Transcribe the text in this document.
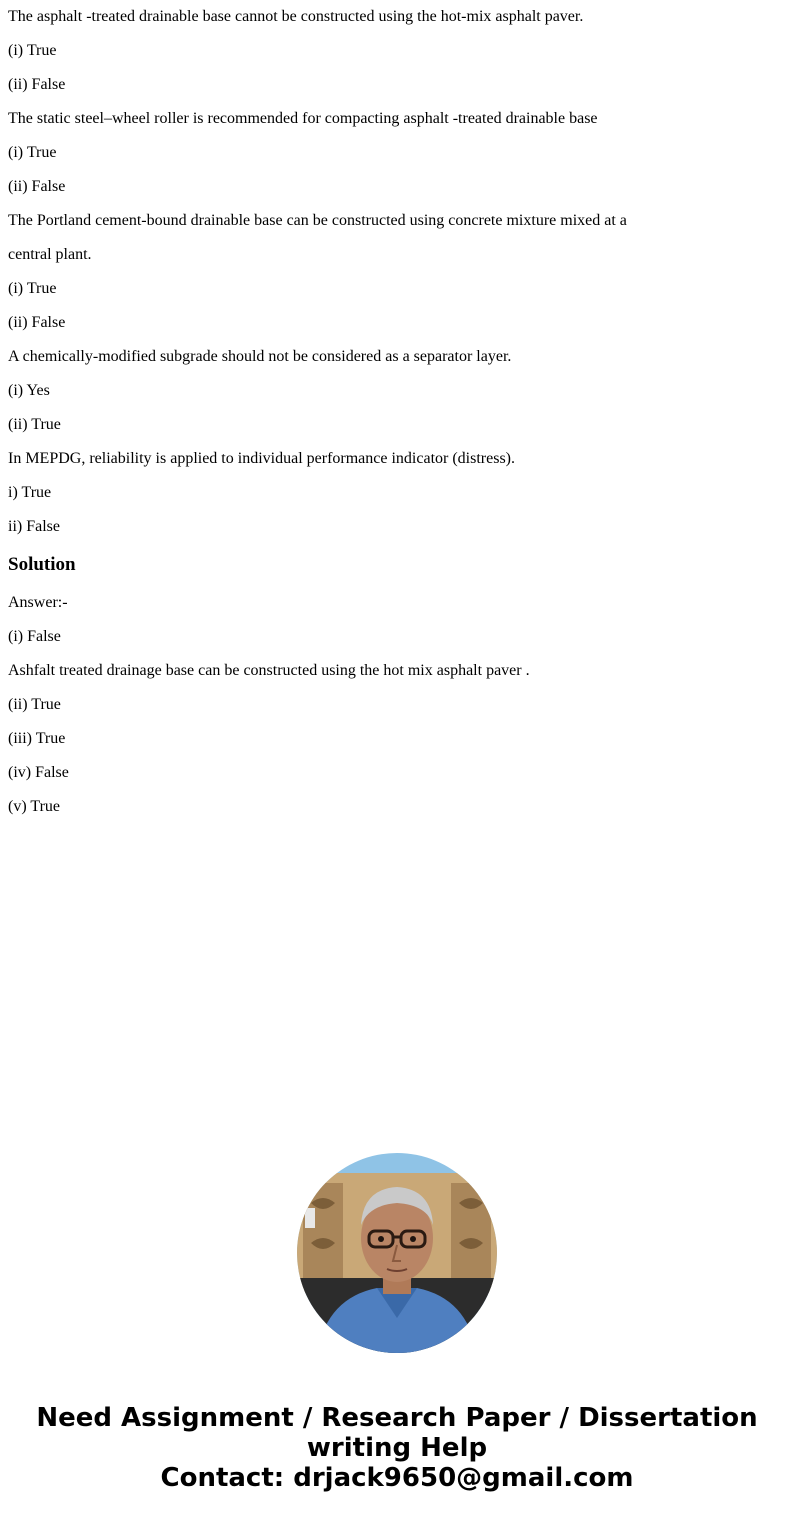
The asphalt -treated drainable base cannot be constructed using the hot-mix asphalt paver.

(i) True

(ii) False

The static steel–wheel roller is recommended for compacting asphalt -treated drainable base

(i) True

(ii) False

The Portland cement-bound drainable base can be constructed using concrete mixture mixed at a

central plant.

(i) True

(ii) False

A chemically-modified subgrade should not be considered as a separator layer.

(i) Yes

(ii) True

In MEPDG, reliability is applied to individual performance indicator (distress).

i) True

ii) False

Solution

Answer:-

(i) False

Ashfalt treated drainage base can be constructed using the hot mix asphalt paver .

(ii) True

(iii) True

(iv) False

(v) True

Need Assignment / Research Paper / Dissertation
writing Help
Contact: drjack9650@gmail.com
